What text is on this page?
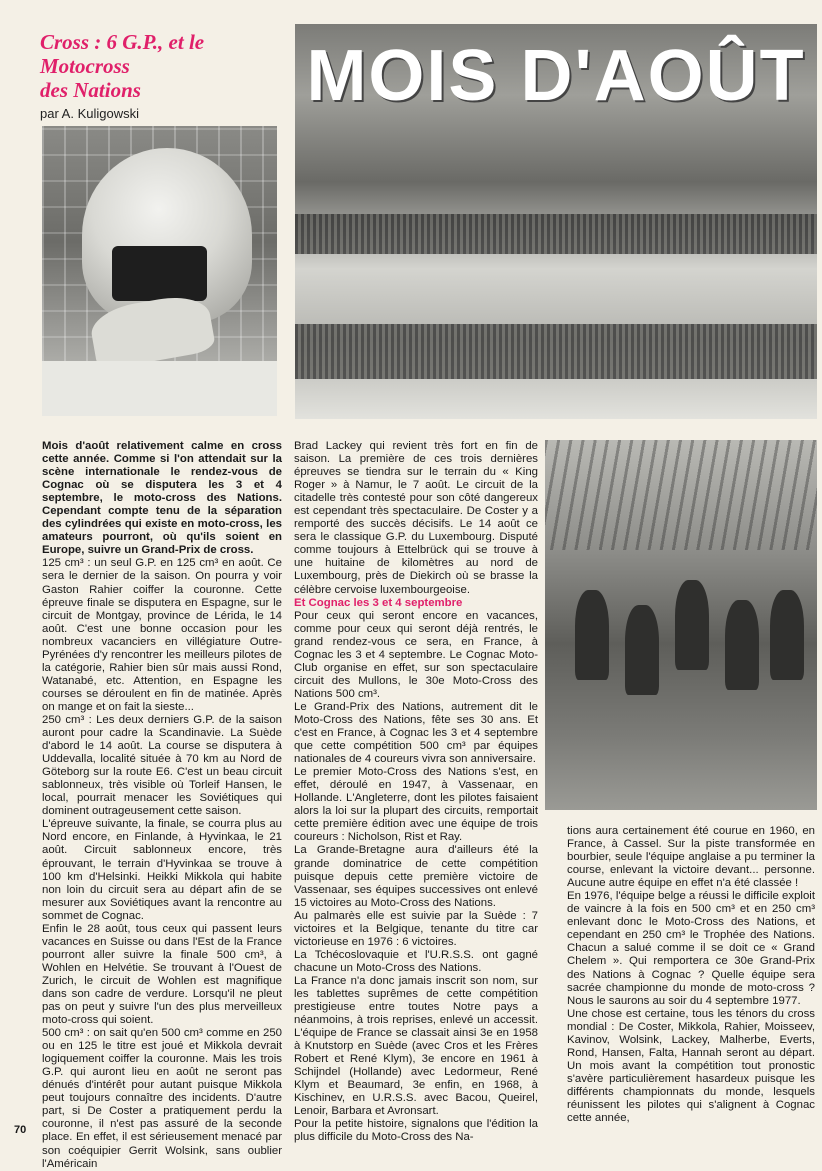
Cross : 6 G.P., et le
Motocross
des Nations
par A. Kuligowski MOIS D'AOÛT

Mois d'août relativement calme en cross cette année. Comme si l'on attendait sur la scène internationale le rendez-vous de Cognac où se disputera les 3 et 4 septembre, le moto-cross des Nations. Cependant compte tenu de la séparation des cylindrées qui existe en moto-cross, les amateurs pourront, où qu'ils soient en Europe, suivre un Grand-Prix de cross.

125 cm³ : un seul G.P. en 125 cm³ en août. Ce sera le dernier de la saison. On pourra y voir Gaston Rahier coiffer la couronne. Cette épreuve finale se disputera en Espagne, sur le circuit de Montgay, province de Lérida, le 14 août. C'est une bonne occasion pour les nombreux vacanciers en villégiature Outre-Pyrénées d'y rencontrer les meilleurs pilotes de la catégorie, Rahier bien sûr mais aussi Rond, Watanabé, etc. Attention, en Espagne les courses se déroulent en fin de matinée. Après on mange et on fait la sieste...

250 cm³ : Les deux derniers G.P. de la saison auront pour cadre la Scandinavie. La Suède d'abord le 14 août. La course se disputera à Uddevalla, localité située à 70 km au Nord de Göteborg sur la route E6. C'est un beau circuit sablonneux, très visible où Torleif Hansen, le local, pourrait menacer les Soviétiques qui dominent outrageusement cette saison.

L'épreuve suivante, la finale, se courra plus au Nord encore, en Finlande, à Hyvinkaa, le 21 août. Circuit sablonneux encore, très éprouvant, le terrain d'Hyvinkaa se trouve à 100 km d'Helsinki. Heikki Mikkola qui habite non loin du circuit sera au départ afin de se mesurer aux Soviétiques avant la rencontre au sommet de Cognac.

Enfin le 28 août, tous ceux qui passent leurs vacances en Suisse ou dans l'Est de la France pourront aller suivre la finale 500 cm³, à Wohlen en Helvétie. Se trouvant à l'Ouest de Zurich, le circuit de Wohlen est magnifique dans son cadre de verdure. Lorsqu'il ne pleut pas on peut y suivre l'un des plus merveilleux moto-cross qui soient.

500 cm³ : on sait qu'en 500 cm³ comme en 250 ou en 125 le titre est joué et Mikkola devrait logiquement coiffer la couronne. Mais les trois G.P. qui auront lieu en août ne seront pas dénués d'intérêt pour autant puisque Mikkola peut toujours connaître des incidents. D'autre part, si De Coster a pratiquement perdu la couronne, il n'est pas assuré de la seconde place. En effet, il est sérieusement menacé par son coéquipier Gerrit Wolsink, sans oublier l'Américain

Brad Lackey qui revient très fort en fin de saison. La première de ces trois dernières épreuves se tiendra sur le terrain du « King Roger » à Namur, le 7 août. Le circuit de la citadelle très contesté pour son côté dangereux est cependant très spectaculaire. De Coster y a remporté des succès décisifs. Le 14 août ce sera le classique G.P. du Luxembourg. Disputé comme toujours à Ettelbrück qui se trouve à une huitaine de kilomètres au nord de Luxembourg, près de Diekirch où se brasse la célèbre cervoise luxembourgeoise.

Et Cognac les 3 et 4 septembre

Pour ceux qui seront encore en vacances, comme pour ceux qui seront déjà rentrés, le grand rendez-vous ce sera, en France, à Cognac les 3 et 4 septembre. Le Cognac Moto-Club organise en effet, sur son spectaculaire circuit des Mullons, le 30e Moto-Cross des Nations 500 cm³.

Le Grand-Prix des Nations, autrement dit le Moto-Cross des Nations, fête ses 30 ans. Et c'est en France, à Cognac les 3 et 4 septembre que cette compétition 500 cm³ par équipes nationales de 4 coureurs vivra son anniversaire.

Le premier Moto-Cross des Nations s'est, en effet, déroulé en 1947, à Vassenaar, en Hollande. L'Angleterre, dont les pilotes faisaient alors la loi sur la plupart des circuits, remportait cette première édition avec une équipe de trois coureurs : Nicholson, Rist et Ray.

La Grande-Bretagne aura d'ailleurs été la grande dominatrice de cette compétition puisque depuis cette première victoire de Vassenaar, ses équipes successives ont enlevé 15 victoires au Moto-Cross des Nations.

Au palmarès elle est suivie par la Suède : 7 victoires et la Belgique, tenante du titre car victorieuse en 1976 : 6 victoires.

La Tchécoslovaquie et l'U.R.S.S. ont gagné chacune un Moto-Cross des Nations.

La France n'a donc jamais inscrit son nom, sur les tablettes suprêmes de cette compétition prestigieuse entre toutes Notre pays a néanmoins, à trois reprises, enlevé un accessit. L'équipe de France se classait ainsi 3e en 1958 à Knutstorp en Suède (avec Cros et les Frères Robert et René Klym), 3e encore en 1961 à Schijndel (Hollande) avec Ledormeur, René Klym et Beaumard, 3e enfin, en 1968, à Kischinev, en U.R.S.S. avec Bacou, Queirel, Lenoir, Barbara et Avronsart.

Pour la petite histoire, signalons que l'édition la plus difficile du Moto-Cross des Na-

tions aura certainement été courue en 1960, en France, à Cassel. Sur la piste transformée en bourbier, seule l'équipe anglaise a pu terminer la course, enlevant la victoire devant... personne. Aucune autre équipe en effet n'a été classée !

En 1976, l'équipe belge a réussi le difficile exploit de vaincre à la fois en 500 cm³ et en 250 cm³ enlevant donc le Moto-Cross des Nations, et cependant en 250 cm³ le Trophée des Nations. Chacun a salué comme il se doit ce « Grand Chelem ». Qui remportera ce 30e Grand-Prix des Nations à Cognac ? Quelle équipe sera sacrée championne du monde de moto-cross ? Nous le saurons au soir du 4 septembre 1977.

Une chose est certaine, tous les ténors du cross mondial : De Coster, Mikkola, Rahier, Moisseev, Kavinov, Wolsink, Lackey, Malherbe, Everts, Rond, Hansen, Falta, Hannah seront au départ. Un mois avant la compétition tout pronostic s'avère particulièrement hasardeux puisque les différents championnats du monde, lesquels réunissent les pilotes qui s'alignent à Cognac cette année,

70
